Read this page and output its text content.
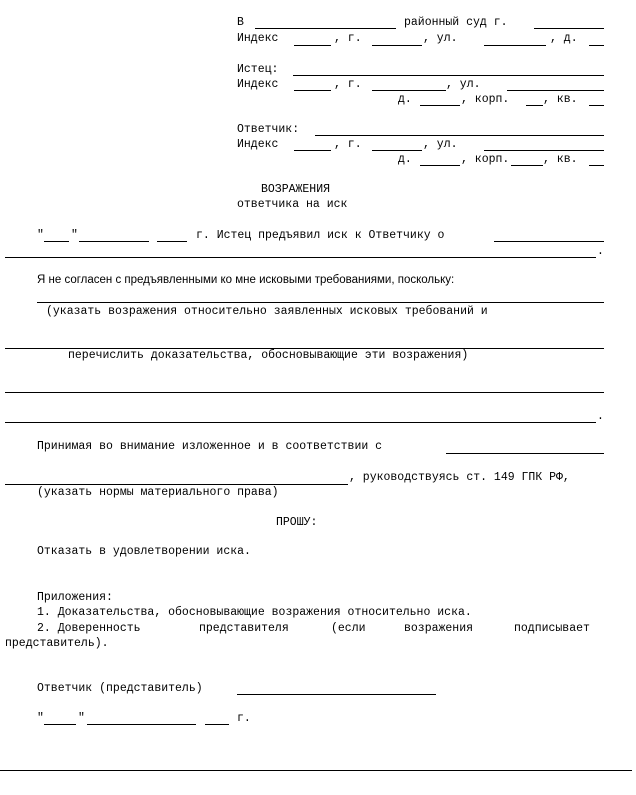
В	районный суд г.
Индекс	, г.	, ул.	, д.
Истец:
Индекс	, г.	, ул.
д.	, корп.	, кв.
Ответчик:
Индекс	, г.	, ул.
д.	, корп.	, кв.
ВОЗРАЖЕНИЯ
ответчика на иск
" "	г. Истец предъявил иск к Ответчику о
.
Я не согласен с предъявленными ко мне исковыми требованиями, поскольку:
(указать возражения относительно заявленных исковых требований и
перечислить доказательства, обосновывающие эти возражения)
.
Принимая во внимание изложенное и в соответствии с
, руководствуясь ст. 149 ГПК РФ,
(указать нормы материального права)
ПРОШУ:
Отказать в удовлетворении иска.
Приложения:
1. Доказательства, обосновывающие возражения относительно иска.
2. Доверенность	представителя	(если	возражения	подписывает
представитель).
Ответчик (представитель)
"	"	г.
